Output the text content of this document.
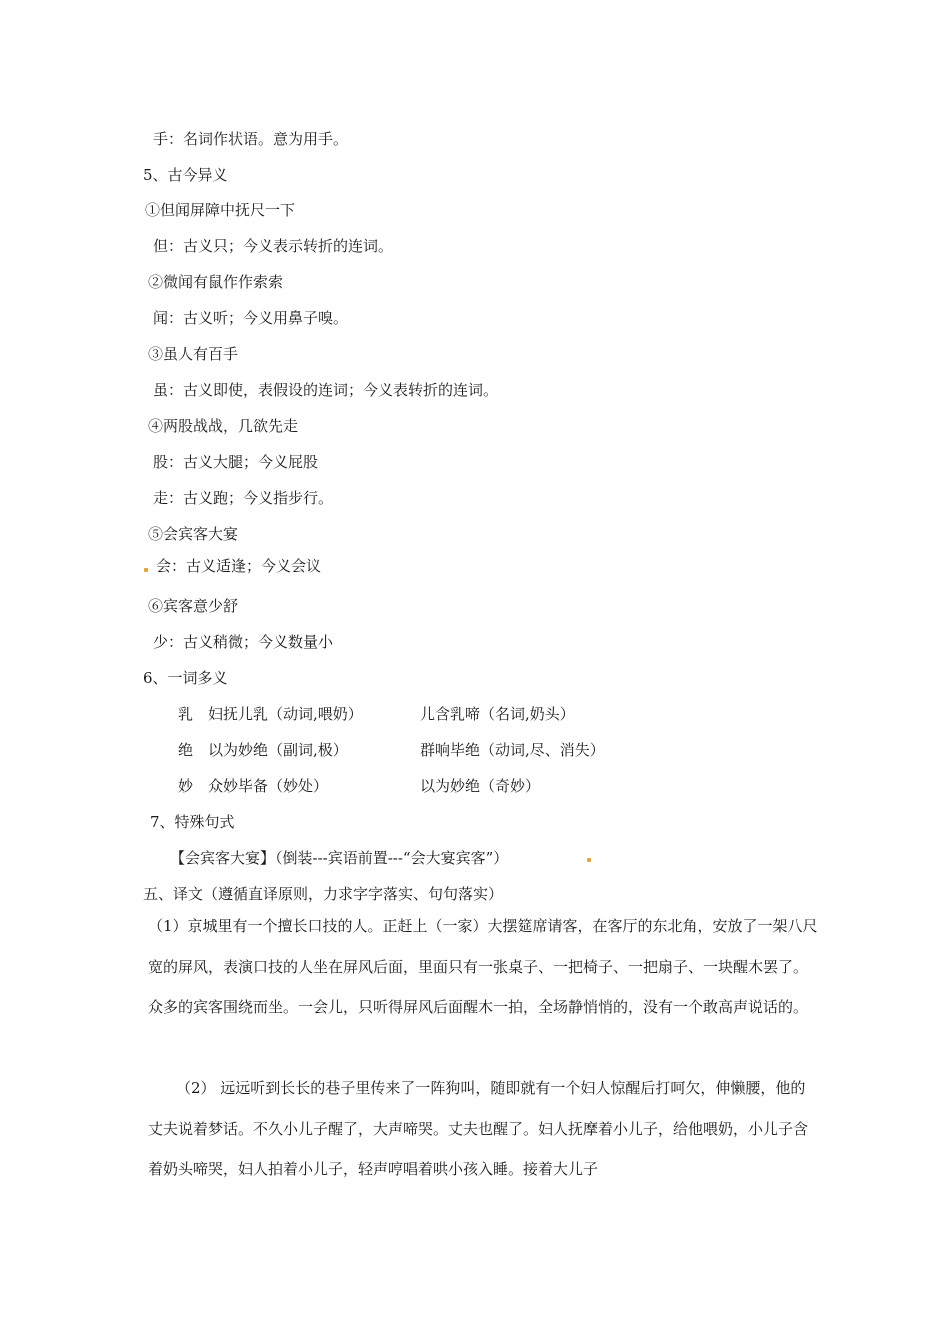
手：名词作状语。意为用手。
5、古今异义
①但闻屏障中抚尺一下
但：古义只；今义表示转折的连词。
②微闻有鼠作作索索
闻：古义听；今义用鼻子嗅。
③虽人有百手
虽：古义即使，表假设的连词；今义表转折的连词。
④两股战战，几欲先走
股：古义大腿；今义屁股
走：古义跑；今义指步行。
⑤会宾客大宴
会：古义适逢；今义会议
⑥宾客意少舒
少：古义稍微；今义数量小
6、一词多义
乳　妇抚儿乳（动词,喂奶）	儿含乳啼（名词,奶头）
绝　以为妙绝（副词,极）	群响毕绝（动词,尽、消失）
妙　众妙毕备（妙处）	以为妙绝（奇妙）
7、特殊句式
【会宾客大宴】（倒装---宾语前置---“会大宴宾客”）
五、译文（遵循直译原则，力求字字落实、句句落实）

（1）京城里有一个擅长口技的人。正赶上（一家）大摆筵席请客，在客厅的东北角，安放了一架八尺宽的屏风，表演口技的人坐在屏风后面，里面只有一张桌子、一把椅子、一把扇子、一块醒木罢了。众多的宾客围绕而坐。一会儿，只听得屏风后面醒木一拍，全场静悄悄的，没有一个敢高声说话的。

（2） 远远听到长长的巷子里传来了一阵狗叫，随即就有一个妇人惊醒后打呵欠，伸懒腰，他的丈夫说着梦话。不久小儿子醒了，大声啼哭。丈夫也醒了。妇人抚摩着小儿子，给他喂奶，小儿子含着奶头啼哭，妇人拍着小儿子，轻声哼唱着哄小孩入睡。接着大儿子
